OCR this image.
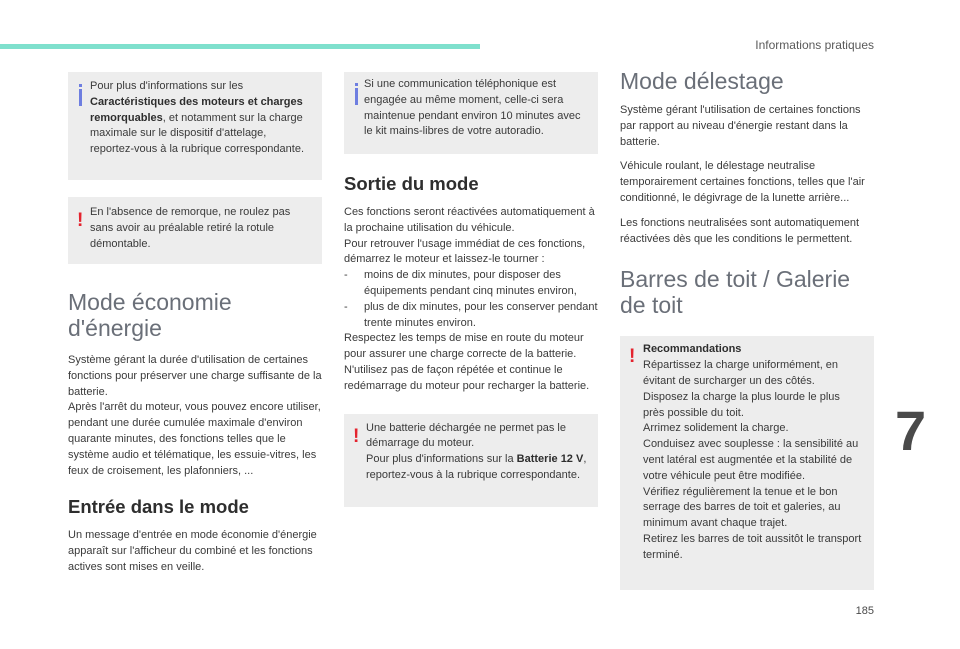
Informations pratiques
7
185
Pour plus d'informations sur les Caractéristiques des moteurs et charges remorquables, et notamment sur la charge maximale sur le dispositif d'attelage, reportez-vous à la rubrique correspondante.
! En l'absence de remorque, ne roulez pas sans avoir au préalable retiré la rotule démontable.
Mode économie d'énergie

Système gérant la durée d'utilisation de certaines fonctions pour préserver une charge suffisante de la batterie.
Après l'arrêt du moteur, vous pouvez encore utiliser, pendant une durée cumulée maximale d'environ quarante minutes, des fonctions telles que le système audio et télématique, les essuie-vitres, les feux de croisement, les plafonniers, ...

Entrée dans le mode

Un message d'entrée en mode économie d'énergie apparaît sur l'afficheur du combiné et les fonctions actives sont mises en veille.

Si une communication téléphonique est engagée au même moment, celle-ci sera maintenue pendant environ 10 minutes avec le kit mains-libres de votre autoradio.
Sortie du mode

Ces fonctions seront réactivées automatiquement à la prochaine utilisation du véhicule.
Pour retrouver l'usage immédiat de ces fonctions, démarrez le moteur et laissez-le tourner :

- moins de dix minutes, pour disposer des équipements pendant cinq minutes environ,
- plus de dix minutes, pour les conserver pendant trente minutes environ.

Respectez les temps de mise en route du moteur pour assurer une charge correcte de la batterie.
N'utilisez pas de façon répétée et continue le redémarrage du moteur pour recharger la batterie.

! Une batterie déchargée ne permet pas le démarrage du moteur.
Pour plus d'informations sur la Batterie 12 V, reportez-vous à la rubrique correspondante.
Mode délestage

Système gérant l'utilisation de certaines fonctions par rapport au niveau d'énergie restant dans la batterie.

Véhicule roulant, le délestage neutralise temporairement certaines fonctions, telles que l'air conditionné, le dégivrage de la lunette arrière...

Les fonctions neutralisées sont automatiquement réactivées dès que les conditions le permettent.

Barres de toit / Galerie de toit
! Recommandations
Répartissez la charge uniformément, en évitant de surcharger un des côtés.
Disposez la charge la plus lourde le plus près possible du toit.
Arrimez solidement la charge.
Conduisez avec souplesse : la sensibilité au vent latéral est augmentée et la stabilité de votre véhicule peut être modifiée.
Vérifiez régulièrement la tenue et le bon serrage des barres de toit et galeries, au minimum avant chaque trajet.
Retirez les barres de toit aussitôt le transport terminé.
